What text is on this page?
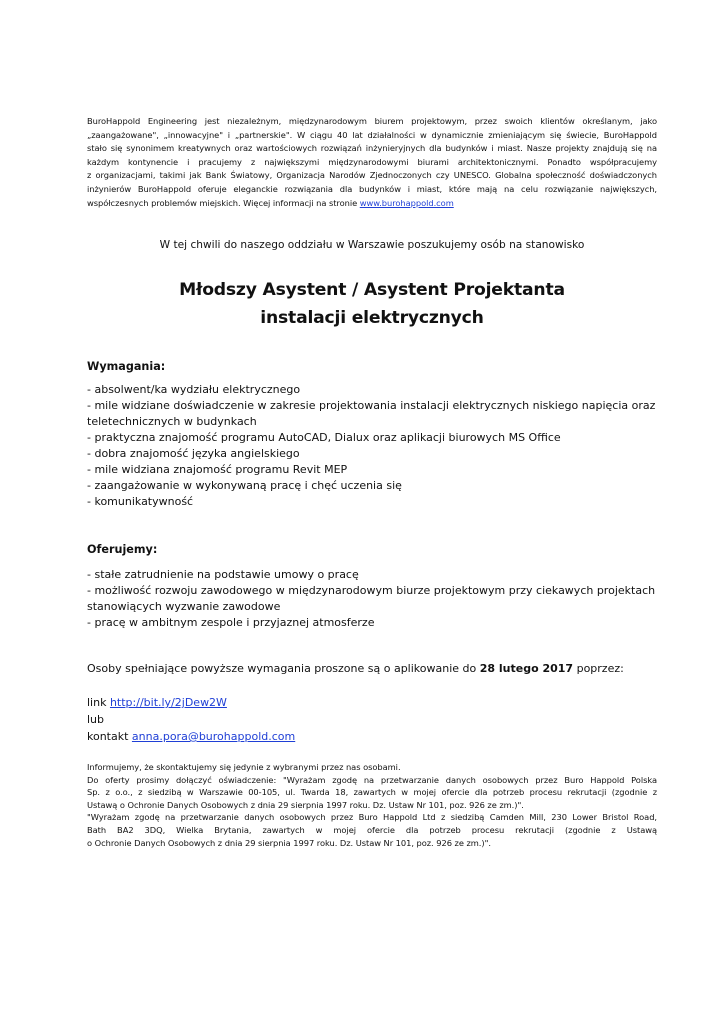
BuroHappold Engineering jest niezależnym, międzynarodowym biurem projektowym, przez swoich klientów określanym, jako
„zaangażowane", „innowacyjne" i „partnerskie". W ciągu 40 lat działalności w dynamicznie zmieniającym się świecie, BuroHappold
stało się synonimem kreatywnych oraz wartościowych rozwiązań inżynieryjnych dla budynków i miast. Nasze projekty znajdują się na
każdym kontynencie i pracujemy z największymi międzynarodowymi biurami architektonicznymi. Ponadto współpracujemy
z organizacjami, takimi jak Bank Światowy, Organizacja Narodów Zjednoczonych czy UNESCO. Globalna społeczność doświadczonych
inżynierów BuroHappold oferuje eleganckie rozwiązania dla budynków i miast, które mają na celu rozwiązanie największych,
współczesnych problemów miejskich. Więcej informacji na stronie www.burohappold.com
W tej chwili do naszego oddziału w Warszawie poszukujemy osób na stanowisko
Młodszy Asystent / Asystent Projektanta
instalacji elektrycznych
Wymagania:
- absolwent/ka wydziału elektrycznego
- mile widziane doświadczenie w zakresie projektowania instalacji elektrycznych niskiego napięcia oraz
teletechnicznych w budynkach
- praktyczna znajomość programu AutoCAD, Dialux oraz aplikacji biurowych MS Office
- dobra znajomość języka angielskiego
- mile widziana znajomość programu Revit MEP
- zaangażowanie w wykonywaną pracę i chęć uczenia się
- komunikatywność
Oferujemy:
- stałe zatrudnienie na podstawie umowy o pracę
- możliwość rozwoju zawodowego w międzynarodowym biurze projektowym przy ciekawych projektach
stanowiących wyzwanie zawodowe
- pracę w ambitnym zespole i przyjaznej atmosferze
Osoby spełniające powyższe wymagania proszone są o aplikowanie do 28 lutego 2017 poprzez:
link http://bit.ly/2jDew2W
lub
kontakt anna.pora@burohappold.com
Informujemy, że skontaktujemy się jedynie z wybranymi przez nas osobami.
Do oferty prosimy dołączyć oświadczenie: "Wyrażam zgodę na przetwarzanie danych osobowych przez Buro Happold Polska
Sp. z o.o., z siedzibą w Warszawie 00-105, ul. Twarda 18, zawartych w mojej ofercie dla potrzeb procesu rekrutacji (zgodnie z
Ustawą o Ochronie Danych Osobowych z dnia 29 sierpnia 1997 roku. Dz. Ustaw Nr 101, poz. 926 ze zm.)".
"Wyrażam zgodę na przetwarzanie danych osobowych przez Buro Happold Ltd z siedzibą Camden Mill, 230 Lower Bristol Road,
Bath BA2 3DQ, Wielka Brytania, zawartych w mojej ofercie dla potrzeb procesu rekrutacji (zgodnie z Ustawą
o Ochronie Danych Osobowych z dnia 29 sierpnia 1997 roku. Dz. Ustaw Nr 101, poz. 926 ze zm.)".
